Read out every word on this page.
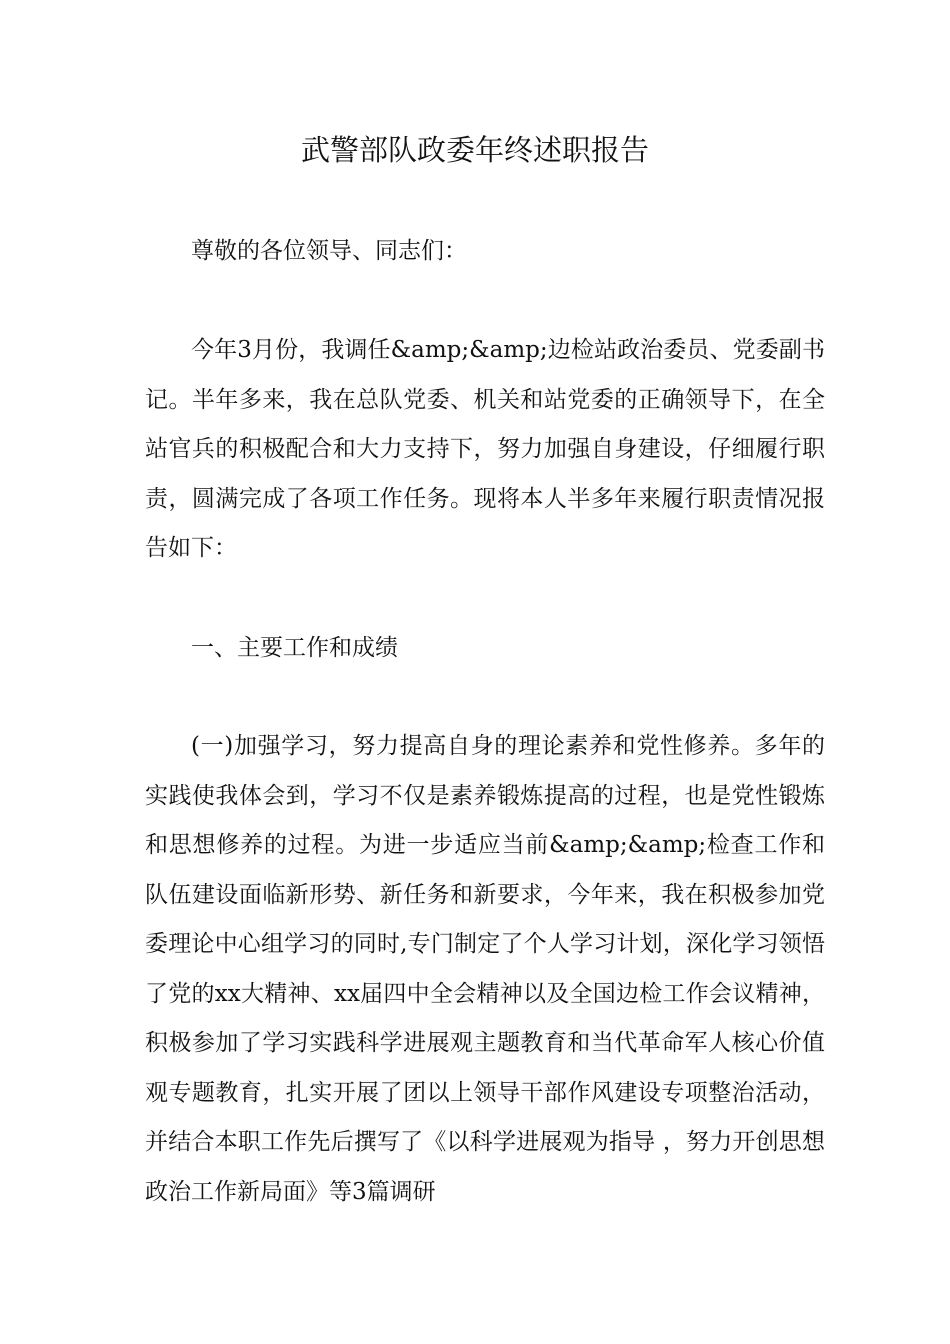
武警部队政委年终述职报告

尊敬的各位领导、同志们：

今年3月份，我调任&amp;&amp;边检站政治委员、党委副书记。半年多来，我在总队党委、机关和站党委的正确领导下，在全站官兵的积极配合和大力支持下，努力加强自身建设，仔细履行职责，圆满完成了各项工作任务。现将本人半多年来履行职责情况报告如下：

一、主要工作和成绩

(一)加强学习，努力提高自身的理论素养和党性修养。多年的实践使我体会到，学习不仅是素养锻炼提高的过程，也是党性锻炼和思想修养的过程。为进一步适应当前&amp;&amp;检查工作和队伍建设面临新形势、新任务和新要求，今年来，我在积极参加党委理论中心组学习的同时,专门制定了个人学习计划，深化学习领悟了党的xx大精神、xx届四中全会精神以及全国边检工作会议精神，积极参加了学习实践科学进展观主题教育和当代革命军人核心价值观专题教育，扎实开展了团以上领导干部作风建设专项整治活动，并结合本职工作先后撰写了《以科学进展观为指导 ，努力开创思想政治工作新局面》等3篇调研
